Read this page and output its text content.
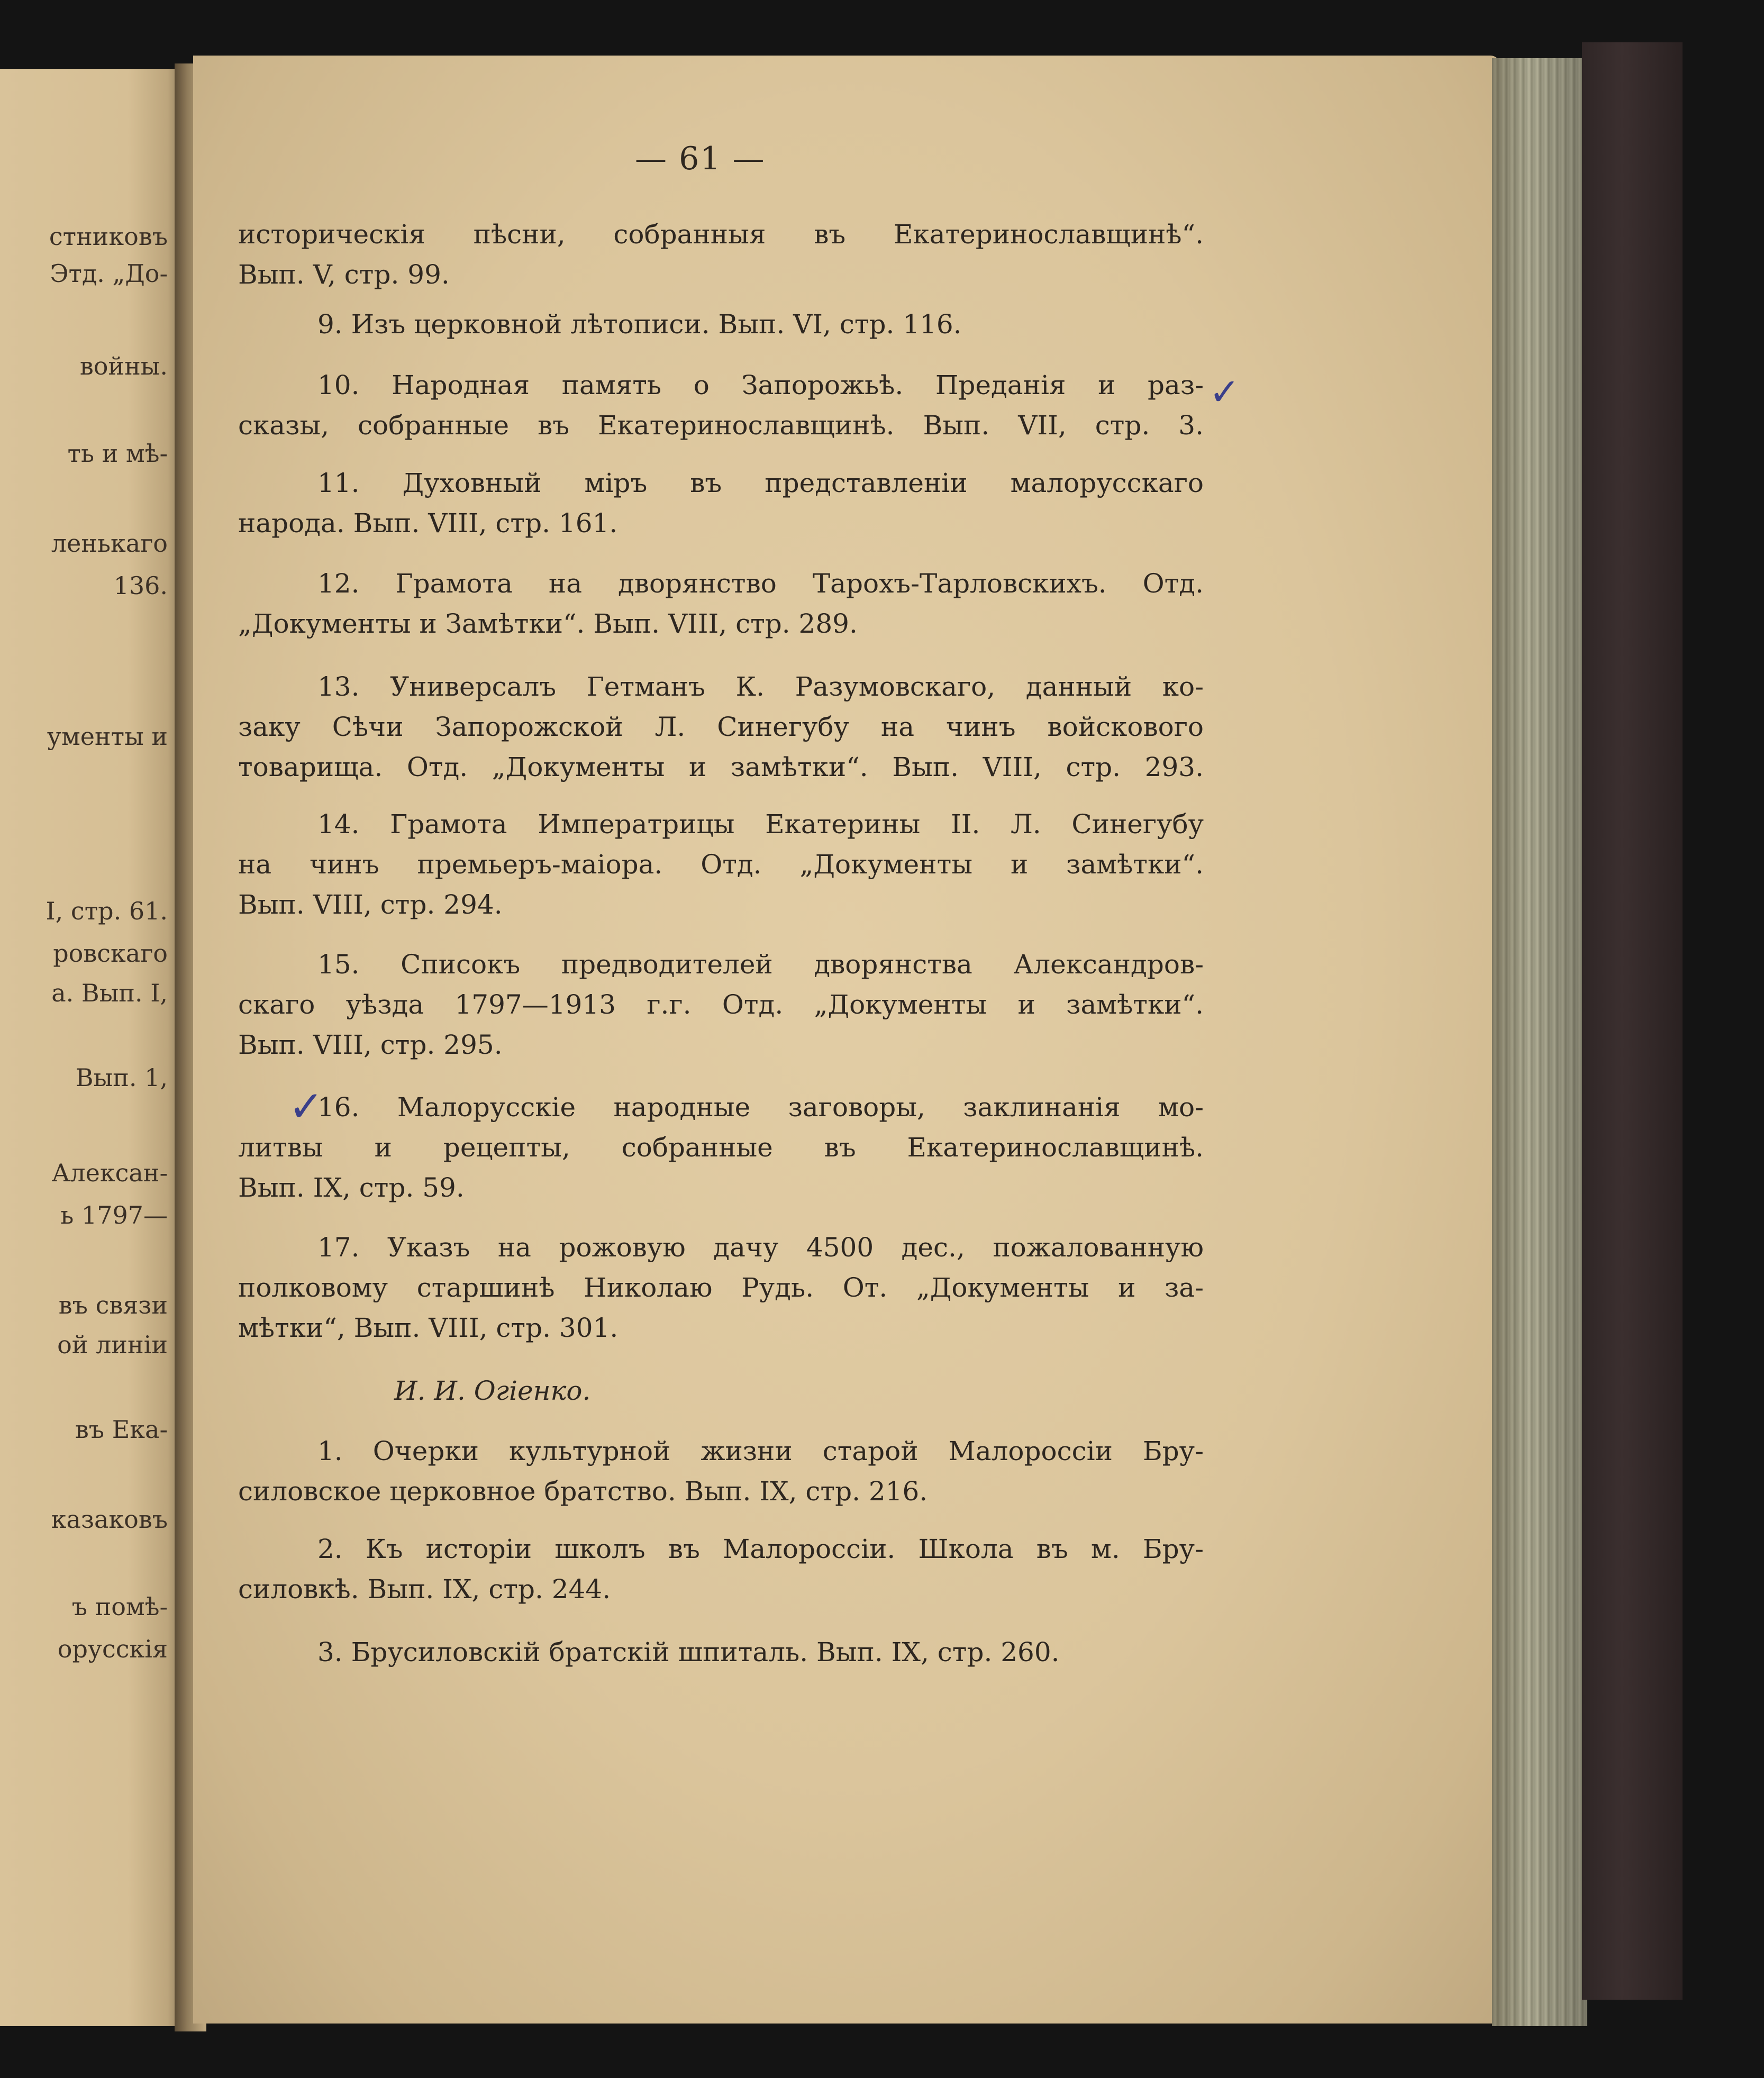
стниковъ
Этд. „До-
войны.
ть и мѣ-
ленькаго
136.
ументы и
I, стр. 61.
ровскаго
а. Вып. I,
Вып. 1,
Алексан-
ь 1797—
въ связи
ой линiи
въ Ека-
казаковъ
ъ помѣ-
орусскiя
— 61 —
историческiя пѣсни, собранныя въ Екатеринославщинѣ“.
Вып. V, стр. 99.
9. Изъ церковной лѣтописи. Вып. VI, стр. 116.
10. Народная память о Запорожьѣ. Преданiя и раз-
сказы, собранные въ Екатеринославщинѣ. Вып. VII, стр. 3.
11. Духовный мiръ въ представленiи малорусскаго
народа. Вып. VIII, стр. 161.
12. Грамота на дворянство Тарохъ-Тарловскихъ. Отд.
„Документы и Замѣтки“. Вып. VIII, стр. 289.
13. Универсалъ Гетманъ К. Разумовскаго, данный ко-
заку Сѣчи Запорожской Л. Синегубу на чинъ войскового
товарища. Отд. „Документы и замѣтки“. Вып. VIII, стр. 293.
14. Грамота Императрицы Екатерины II. Л. Синегубу
на чинъ премьеръ-маiора. Отд. „Документы и замѣтки“.
Вып. VIII, стр. 294.
15. Списокъ предводителей дворянства Александров-
скаго уѣзда 1797—1913 г.г. Отд. „Документы и замѣтки“.
Вып. VIII, стр. 295.
16. Малорусскiе народные заговоры, заклинанiя мо-
литвы и рецепты, собранные въ Екатеринославщинѣ.
Вып. IX, стр. 59.
17. Указъ на рожовую дачу 4500 дес., пожалованную
полковому старшинѣ Николаю Рудь. От. „Документы и за-
мѣтки“, Вып. VIII, стр. 301.
И. И. Огiенко.
1. Очерки культурной жизни старой Малороссiи Бру-
силовское церковное братство. Вып. IX, стр. 216.
2. Къ исторiи школъ въ Малороссiи. Школа въ м. Бру-
силовкѣ. Вып. IX, стр. 244.
3. Брусиловскiй братскiй шпиталь. Вып. IX, стр. 260.
✓
✓
